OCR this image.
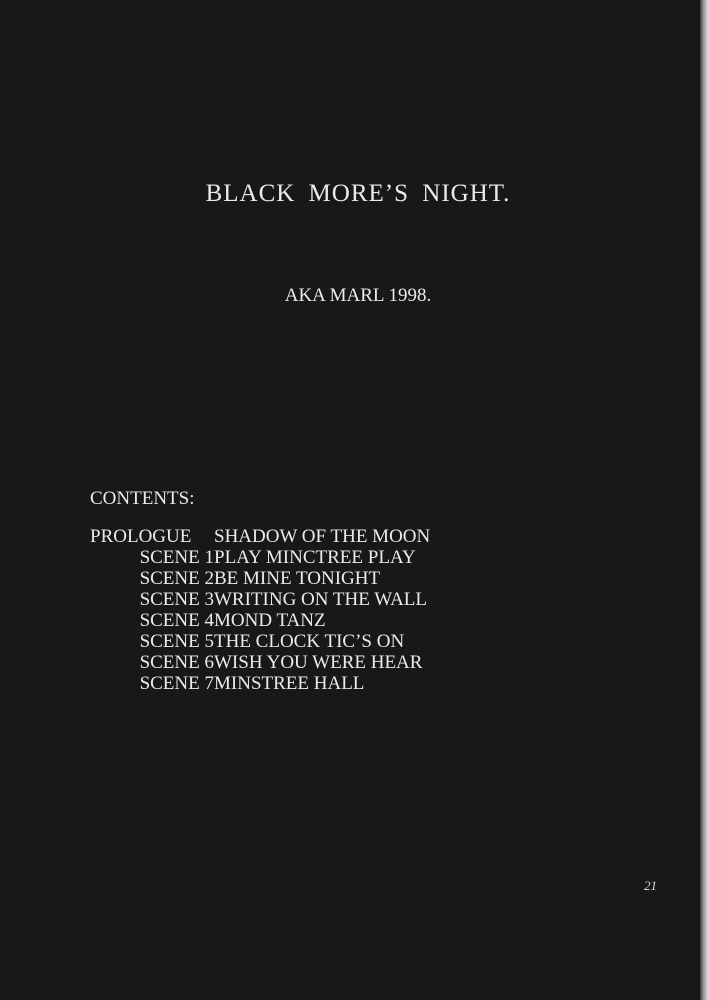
BLACK MORE’S NIGHT.
AKA MARL 1998.
CONTENTS:
PROLOGUE	SHADOW OF THE MOON
SCENE 1 PLAY MINCTREE PLAY
SCENE 2 BE MINE TONIGHT
SCENE 3 WRITING ON THE WALL
SCENE 4 MOND TANZ
SCENE 5 THE CLOCK TIC’S ON
SCENE 6 WISH YOU WERE HEAR
SCENE 7 MINSTREE HALL
21
